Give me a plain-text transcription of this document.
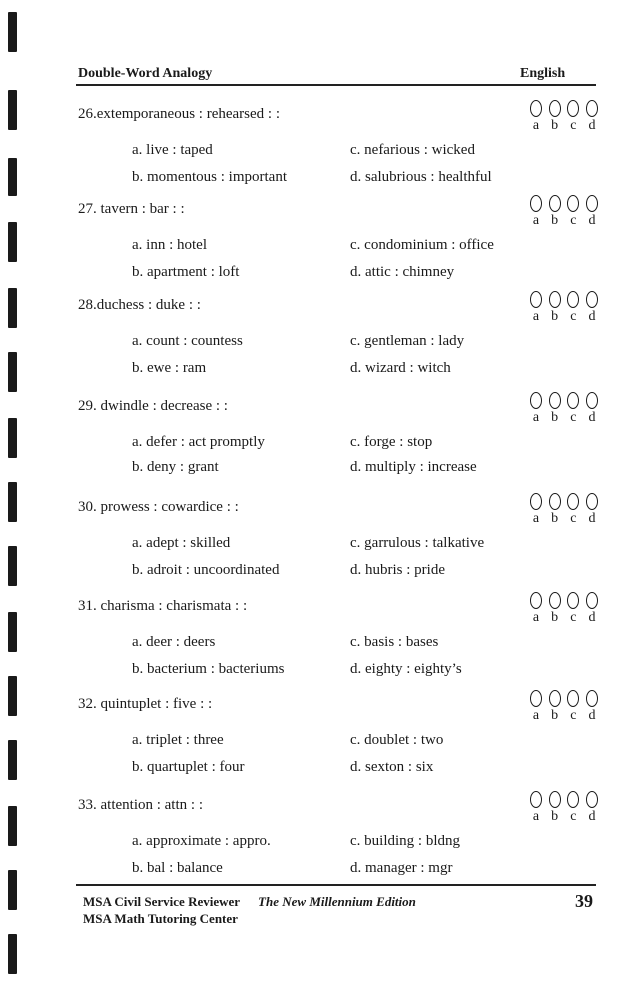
Double-Word Analogy	English
26.extemporaneous : rehearsed : :
a. live : taped
b. momentous : important
c. nefarious : wicked
d. salubrious : healthful
a b c d
27. tavern : bar : :
a. inn : hotel
b. apartment : loft
c. condominium : office
d. attic : chimney
a b c d
28.duchess : duke : :
a. count : countess
b. ewe : ram
c. gentleman : lady
d. wizard : witch
a b c d
29. dwindle : decrease : :
a. defer : act promptly
b. deny : grant
c. forge : stop
d. multiply : increase
a b c d
30. prowess : cowardice : :
a. adept : skilled
b. adroit : uncoordinated
c. garrulous : talkative
d. hubris : pride
a b c d
31. charisma : charismata : :
a. deer : deers
b. bacterium : bacteriums
c. basis : bases
d. eighty : eighty’s
a b c d
32. quintuplet : five : :
a. triplet : three
b. quartuplet : four
c. doublet : two
d. sexton : six
a b c d
33. attention : attn : :
a. approximate : appro.
b. bal : balance
c. building : bldng
d. manager : mgr
a b c d
MSA Civil Service Reviewer The New Millennium Edition
MSA Math Tutoring Center
39
